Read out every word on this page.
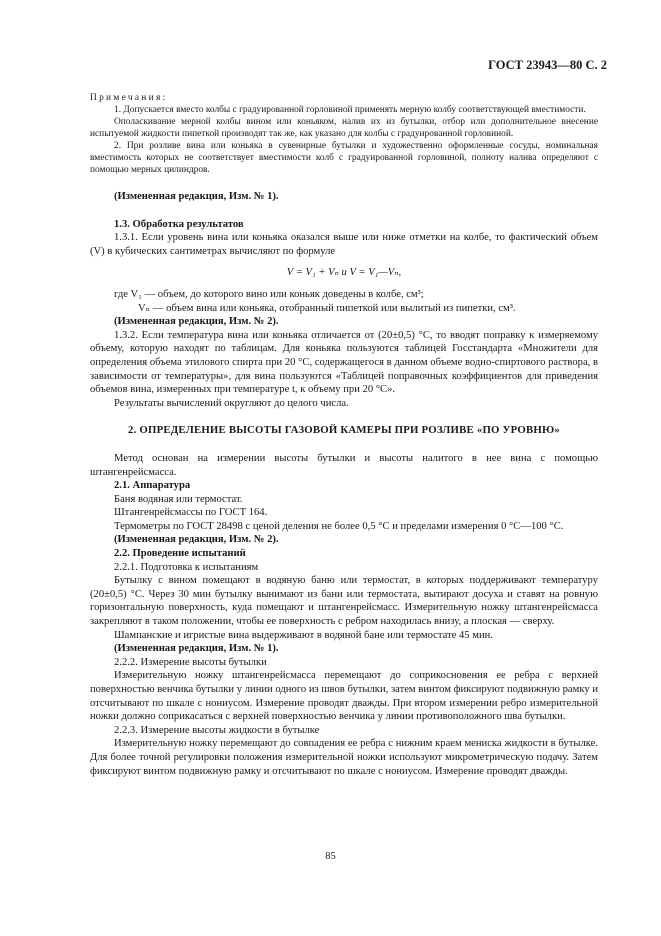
ГОСТ 23943—80 С. 2

Примечания:

1. Допускается вместо колбы с градуированной горловиной применять мерную колбу соответствующей вместимости.

Ополаскивание мерной колбы вином или коньяком, налив их из бутылки, отбор или дополнительное внесение испытуемой жидкости пипеткой производят так же, как указано для колбы с градуированной горловиной.

2. При розливе вина или коньяка в сувенирные бутылки и художественно оформленные сосуды, номинальная вместимость которых не соответствует вместимости колб с градуированной горловиной, полноту налива определяют с помощью мерных цилиндров.

(Измененная редакция, Изм. № 1).

1.3. Обработка результатов

1.3.1. Если уровень вина или коньяка оказался выше или ниже отметки на колбе, то фактический объем (V) в кубических сантиметрах вычисляют по формуле

V = V₁ + Vₙ и V = V₁—Vₙ,

где V₁ — объем, до которого вино или коньяк доведены в колбе, см³;

Vₙ — объем вина или коньяка, отобранный пипеткой или вылитый из пипетки, см³.

(Измененная редакция, Изм. № 2).

1.3.2. Если температура вина или коньяка отличается от (20±0,5) °С, то вводят поправку к измеряемому объему, которую находят по таблицам. Для коньяка пользуются таблицей Госстандарта «Множители для определения объема этилового спирта при 20 °С, содержащегося в данном объеме водно-спиртового раствора, в зависимости от температуры», для вина пользуются «Таблицей поправочных коэффициентов для приведения объемов вина, измеренных при температуре t, к объему при 20 °С».

Результаты вычислений округляют до целого числа.

2. ОПРЕДЕЛЕНИЕ ВЫСОТЫ ГАЗОВОЙ КАМЕРЫ ПРИ РОЗЛИВЕ «ПО УРОВНЮ»

Метод основан на измерении высоты бутылки и высоты налитого в нее вина с помощью штангенрейсмасса.

2.1. Аппаратура

Баня водяная или термостат.

Штангенрейсмассы по ГОСТ 164.

Термометры по ГОСТ 28498 с ценой деления не более 0,5 °С и пределами измерения 0 °С—100 °С.

(Измененная редакция, Изм. № 2).

2.2. Проведение испытаний

2.2.1. Подготовка к испытаниям

Бутылку с вином помещают в водяную баню или термостат, в которых поддерживают температуру (20±0,5) °С. Через 30 мин бутылку вынимают из бани или термостата, вытирают досуха и ставят на ровную горизонтальную поверхность, куда помещают и штангенрейсмасс. Измерительную ножку штангенрейсмасса закрепляют в таком положении, чтобы ее поверхность с ребром находилась внизу, а плоская — сверху.

Шампанские и игристые вина выдерживают в водяной бане или термостате 45 мин.

(Измененная редакция, Изм. № 1).

2.2.2. Измерение высоты бутылки

Измерительную ножку штангенрейсмасса перемещают до соприкосновения ее ребра с верхней поверхностью венчика бутылки у линии одного из швов бутылки, затем винтом фиксируют подвижную рамку и отсчитывают по шкале с нониусом. Измерение проводят дважды. При втором измерении ребро измерительной ножки должно соприкасаться с верхней поверхностью венчика у линии противоположного шва бутылки.

2.2.3. Измерение высоты жидкости в бутылке

Измерительную ножку перемещают до совпадения ее ребра с нижним краем мениска жидкости в бутылке. Для более точной регулировки положения измерительной ножки используют микрометрическую подачу. Затем фиксируют винтом подвижную рамку и отсчитывают по шкале с нониусом. Измерение проводят дважды.

85
